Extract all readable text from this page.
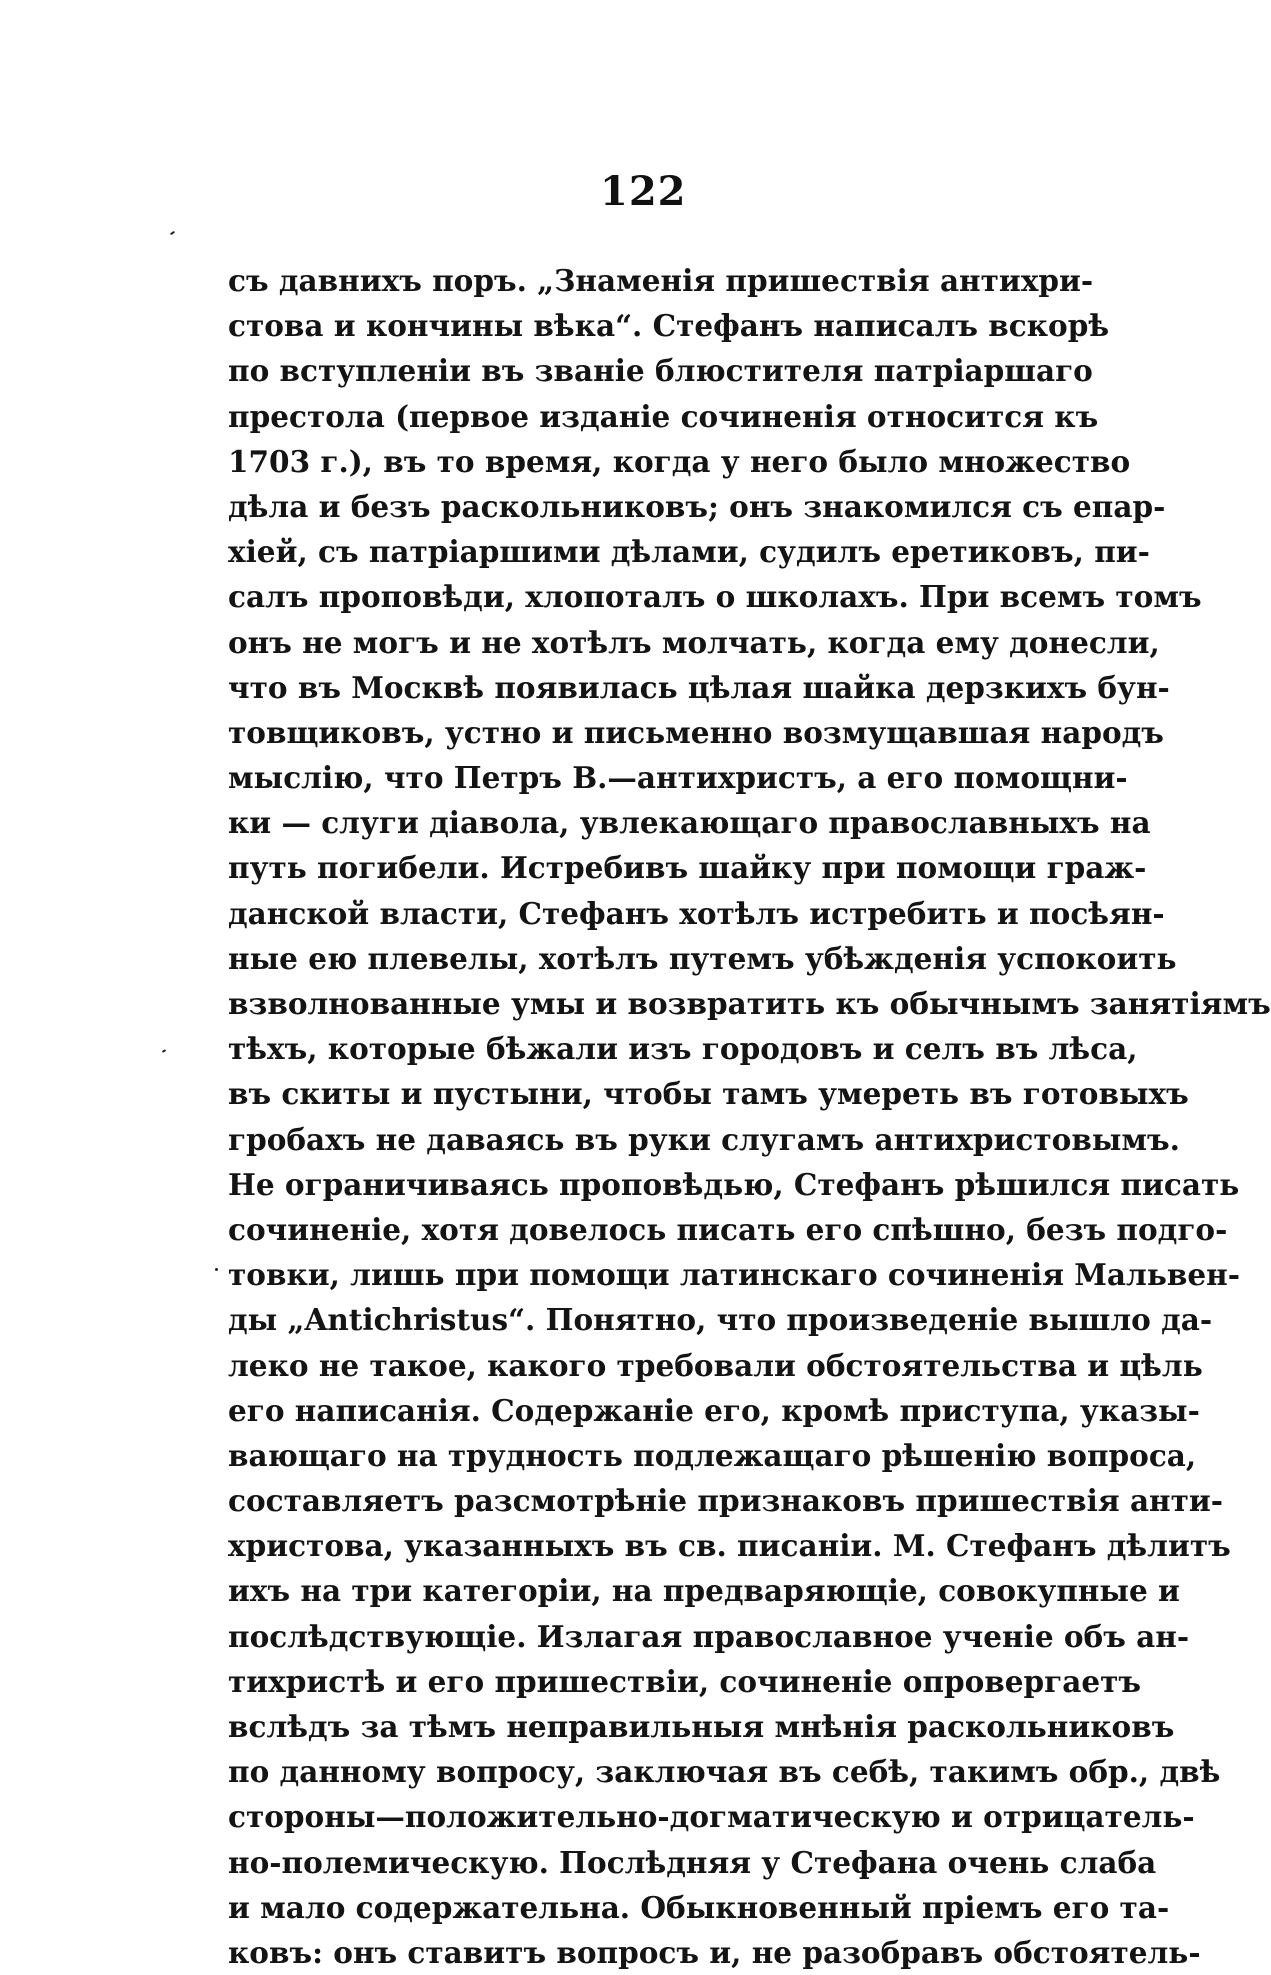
122
съ давнихъ поръ. „Знаменія пришествія антихри-
стова и кончины вѣка“. Стефанъ написалъ вскорѣ
по вступленіи въ званіе блюстителя патріаршаго
престола (первое изданіе сочиненія относится къ
1703 г.), въ то время, когда у него было множество
дѣла и безъ раскольниковъ; онъ знакомился съ епар-
хіей, съ патріаршими дѣлами, судилъ еретиковъ, пи-
салъ проповѣди, хлопоталъ о школахъ. При всемъ томъ
онъ не могъ и не хотѣлъ молчать, когда ему донесли,
что въ Москвѣ появилась цѣлая шайка дерзкихъ бун-
товщиковъ, устно и письменно возмущавшая народъ
мыслію, что Петръ В.—антихристъ, а его помощни-
ки — слуги діавола, увлекающаго православныхъ на
путь погибели. Истребивъ шайку при помощи граж-
данской власти, Стефанъ хотѣлъ истребить и посѣян-
ные ею плевелы, хотѣлъ путемъ убѣжденія успокоить
взволнованные умы и возвратить къ обычнымъ занятіямъ
тѣхъ, которые бѣжали изъ городовъ и селъ въ лѣса,
въ скиты и пустыни, чтобы тамъ умереть въ готовыхъ
гробахъ не даваясь въ руки слугамъ антихристовымъ.
Не ограничиваясь проповѣдью, Стефанъ рѣшился писать
сочиненіе, хотя довелось писать его спѣшно, безъ подго-
товки, лишь при помощи латинскаго сочиненія Мальвен-
ды „Antichristus“. Понятно, что произведеніе вышло да-
леко не такое, какого требовали обстоятельства и цѣль
его написанія. Содержаніе его, кромѣ приступа, указы-
вающаго на трудность подлежащаго рѣшенію вопроса,
составляетъ разсмотрѣніе признаковъ пришествія анти-
христова, указанныхъ въ св. писаніи. М. Стефанъ дѣлитъ
ихъ на три категоріи, на предваряющіе, совокупные и
послѣдствующіе. Излагая православное ученіе объ ан-
тихристѣ и его пришествіи, сочиненіе опровергаетъ
вслѣдъ за тѣмъ неправильныя мнѣнія раскольниковъ
по данному вопросу, заключая въ себѣ, такимъ обр., двѣ
стороны—положительно-догматическую и отрицатель-
но-полемическую. Послѣдняя у Стефана очень слаба
и мало содержательна. Обыкновенный пріемъ его та-
ковъ: онъ ставитъ вопросъ и, не разобравъ обстоятель-
